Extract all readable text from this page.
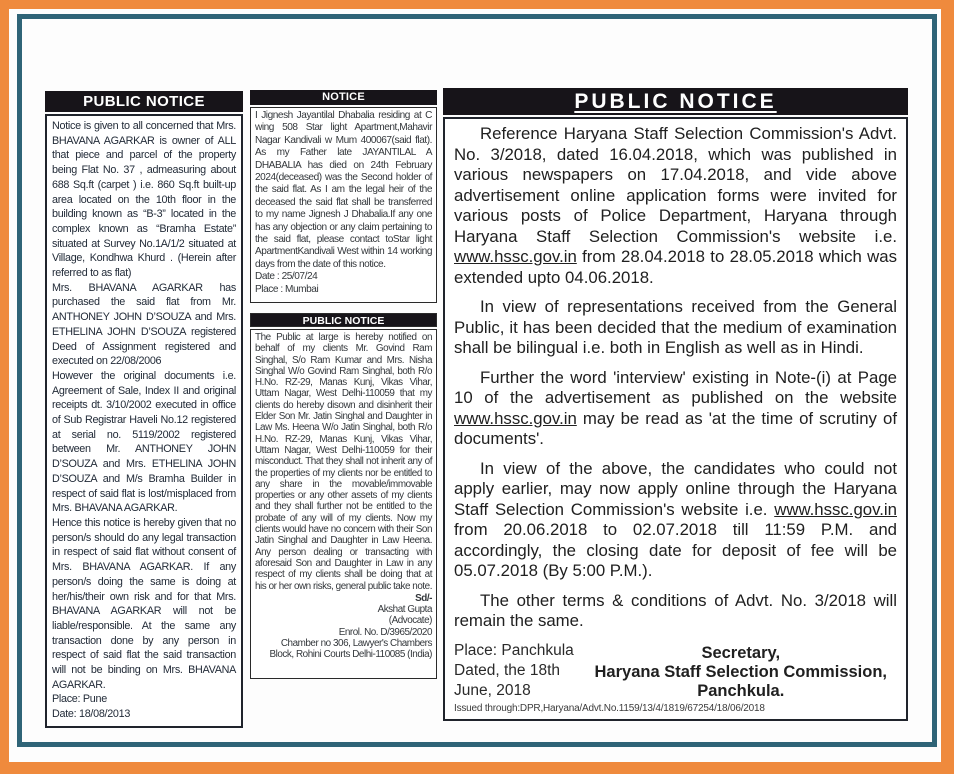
PUBLIC NOTICE

Notice is given to all concerned that Mrs. BHAVANA AGARKAR is owner of ALL that piece and parcel of the property being Flat No. 37 , admeasuring about 688 Sq.ft (carpet ) i.e. 860 Sq.ft built-up area located on the 10th floor in the building known as “B-3” located in the complex known as “Bramha Estate” situated at Survey No.1A/1/2 situated at Village, Kondhwa Khurd . (Herein after referred to as flat)

Mrs. BHAVANA AGARKAR has purchased the said flat from Mr. ANTHONEY JOHN D’SOUZA and Mrs. ETHELINA JOHN D’SOUZA registered Deed of Assignment registered and executed on 22/08/2006

However the original documents i.e. Agreement of Sale, Index II and original receipts dt. 3/10/2002 executed in office of Sub Registrar Haveli No.12 registered at serial no. 5119/2002 registered between Mr. ANTHONEY JOHN D’SOUZA and Mrs. ETHELINA JOHN D’SOUZA and M/s Bramha Builder in respect of said flat is lost/misplaced from Mrs. BHAVANA AGARKAR.

Hence this notice is hereby given that no person/s should do any legal transaction in respect of said flat without consent of Mrs. BHAVANA AGARKAR. If any person/s doing the same is doing at her/his/their own risk and for that Mrs. BHAVANA AGARKAR will not be liable/responsible. At the same any transaction done by any person in respect of said flat the said transaction will not be binding on Mrs. BHAVANA AGARKAR.

Place: Pune
Date: 18/08/2013
NOTICE

I Jignesh Jayantilal Dhabalia residing at C wing 508 Star light Apartment,Mahavir Nagar Kandivali w Mum 400067(said flat). As my Father late JAYANTILAL A DHABALIA has died on 24th February 2024(deceased) was the Second holder of the said flat. As I am the legal heir of the deceased the said flat shall be transferred to my name Jignesh J Dhabalia.If any one has any objection or any claim pertaining to the said flat, please contact toStar light ApartmentKandivali West within 14 working days from the date of this notice.

Date : 25/07/24
Place : Mumbai
PUBLIC NOTICE

The Public at large is hereby notified on behalf of my clients Mr. Govind Ram Singhal, S/o Ram Kumar and Mrs. Nisha Singhal W/o Govind Ram Singhal, both R/o H.No. RZ-29, Manas Kunj, Vikas Vihar, Uttam Nagar, West Delhi-110059 that my clients do hereby disown and disinherit their Elder Son Mr. Jatin Singhal and Daughter in Law Ms. Heena W/o Jatin Singhal, both R/o H.No. RZ-29, Manas Kunj, Vikas Vihar, Uttam Nagar, West Delhi-110059 for their misconduct. That they shall not inherit any of the properties of my clients nor be entitled to any share in the movable/immovable properties or any other assets of my clients and they shall further not be entitled to the probate of any will of my clients. Now my clients would have no concern with their Son Jatin Singhal and Daughter in Law Heena. Any person dealing or transacting with aforesaid Son and Daughter in Law in any respect of my clients shall be doing that at his or her own risks, general public take note.

Sd/-
Akshat Gupta
(Advocate)
Enrol. No. D/3965/2020
Chamber no 306, Lawyer's Chambers
Block, Rohini Courts Delhi-110085 (India)
PUBLIC NOTICE

Reference Haryana Staff Selection Commission's Advt. No. 3/2018, dated 16.04.2018, which was published in various newspapers on 17.04.2018, and vide above advertisement online application forms were invited for various posts of Police Department, Haryana through Haryana Staff Selection Commission's website i.e. www.hssc.gov.in from 28.04.2018 to 28.05.2018 which was extended upto 04.06.2018.

In view of representations received from the General Public, it has been decided that the medium of examination shall be bilingual i.e. both in English as well as in Hindi.

Further the word 'interview' existing in Note-(i) at Page 10 of the advertisement as published on the website www.hssc.gov.in may be read as 'at the time of scrutiny of documents'.

In view of the above, the candidates who could not apply earlier, may now apply online through the Haryana Staff Selection Commission's website i.e. www.hssc.gov.in from 20.06.2018 to 02.07.2018 till 11:59 P.M. and accordingly, the closing date for deposit of fee will be 05.07.2018 (By 5:00 P.M.).

The other terms & conditions of Advt. No. 3/2018 will remain the same.

Place: Panchkula
Dated, the 18th June, 2018
Secretary,
Haryana Staff Selection Commission,
Panchkula.
Issued through:DPR,Haryana/Advt.No.1159/13/4/1819/67254/18/06/2018
